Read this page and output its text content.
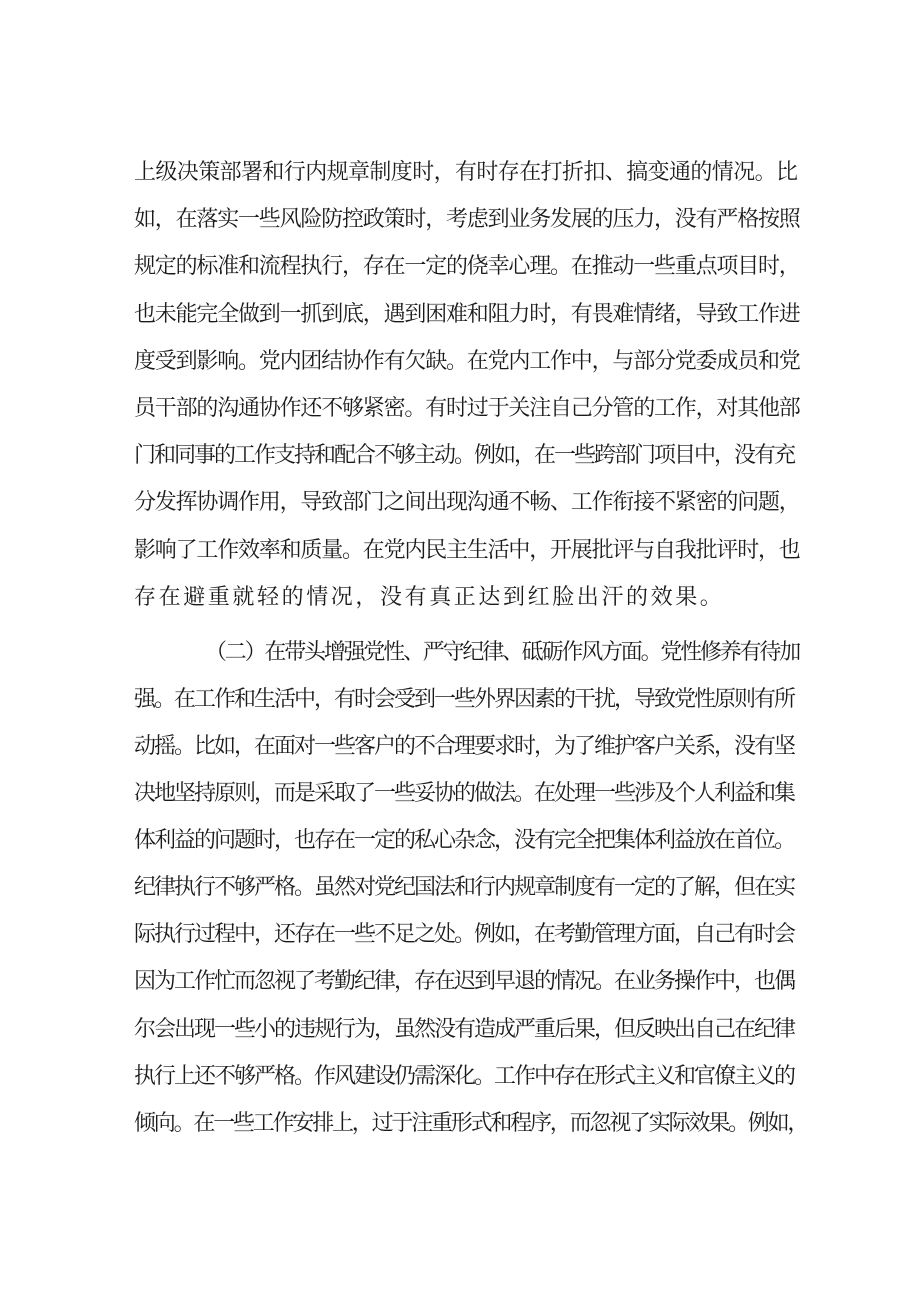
上级决策部署和行内规章制度时，有时存在打折扣、搞变通的情况。比
如，在落实一些风险防控政策时，考虑到业务发展的压力，没有严格按照
规定的标准和流程执行，存在一定的侥幸心理。在推动一些重点项目时，
也未能完全做到一抓到底，遇到困难和阻力时，有畏难情绪，导致工作进
度受到影响。党内团结协作有欠缺。在党内工作中，与部分党委成员和党
员干部的沟通协作还不够紧密。有时过于关注自己分管的工作，对其他部
门和同事的工作支持和配合不够主动。例如，在一些跨部门项目中，没有充
分发挥协调作用，导致部门之间出现沟通不畅、工作衔接不紧密的问题，
影响了工作效率和质量。在党内民主生活中，开展批评与自我批评时，也
存在避重就轻的情况，没有真正达到红脸出汗的效果。
（二）在带头增强党性、严守纪律、砥砺作风方面。党性修养有待加
强。在工作和生活中，有时会受到一些外界因素的干扰，导致党性原则有所
动摇。比如，在面对一些客户的不合理要求时，为了维护客户关系，没有坚
决地坚持原则，而是采取了一些妥协的做法。在处理一些涉及个人利益和集
体利益的问题时，也存在一定的私心杂念，没有完全把集体利益放在首位。
纪律执行不够严格。虽然对党纪国法和行内规章制度有一定的了解，但在实
际执行过程中，还存在一些不足之处。例如，在考勤管理方面，自己有时会
因为工作忙而忽视了考勤纪律，存在迟到早退的情况。在业务操作中，也偶
尔会出现一些小的违规行为，虽然没有造成严重后果，但反映出自己在纪律
执行上还不够严格。作风建设仍需深化。工作中存在形式主义和官僚主义的
倾向。在一些工作安排上，过于注重形式和程序，而忽视了实际效果。例如，
